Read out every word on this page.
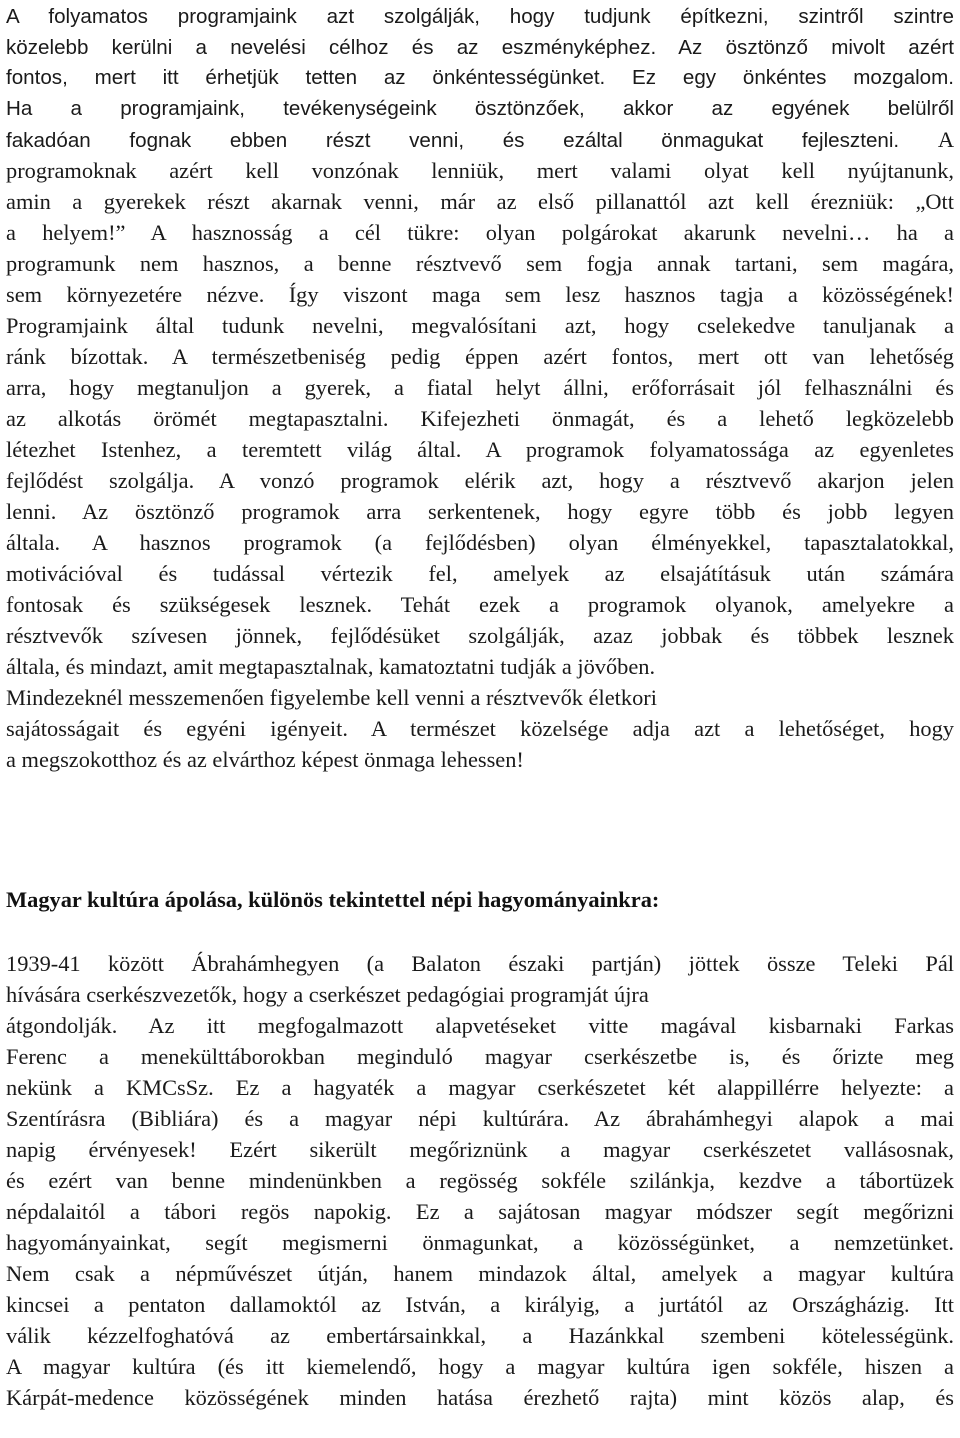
A folyamatos programjaink azt szolgálják, hogy tudjunk építkezni, szintről szintre
közelebb kerülni a nevelési célhoz és az eszményképhez. Az ösztönző mivolt azért
fontos, mert itt érhetjük tetten az önkéntességünket. Ez egy önkéntes mozgalom.
Ha a programjaink, tevékenységeink ösztönzőek, akkor az egyének belülről
fakadóan fognak ebben részt venni, és ezáltal önmagukat fejleszteni. A
programoknak azért kell vonzónak lenniük, mert valami olyat kell nyújtanunk,
amin a gyerekek részt akarnak venni, már az első pillanattól azt kell érezniük: „Ott
a helyem!” A hasznosság a cél tükre: olyan polgárokat akarunk nevelni… ha a
programunk nem hasznos, a benne résztvevő sem fogja annak tartani, sem magára,
sem környezetére nézve. Így viszont maga sem lesz hasznos tagja a közösségének!
Programjaink által tudunk nevelni, megvalósítani azt, hogy cselekedve tanuljanak a
ránk bízottak. A természetbeniség pedig éppen azért fontos, mert ott van lehetőség
arra, hogy megtanuljon a gyerek, a fiatal helyt állni, erőforrásait jól felhasználni és
az alkotás örömét megtapasztalni. Kifejezheti önmagát, és a lehető legközelebb
létezhet Istenhez, a teremtett világ által. A programok folyamatossága az egyenletes
fejlődést szolgálja. A vonzó programok elérik azt, hogy a résztvevő akarjon jelen
lenni. Az ösztönző programok arra serkentenek, hogy egyre több és jobb legyen
általa. A hasznos programok (a fejlődésben) olyan élményekkel, tapasztalatokkal,
motivációval és tudással vértezik fel, amelyek az elsajátításuk után számára
fontosak és szükségesek lesznek. Tehát ezek a programok olyanok, amelyekre a
résztvevők szívesen jönnek, fejlődésüket szolgálják, azaz jobbak és többek lesznek
általa, és mindazt, amit megtapasztalnak, kamatoztatni tudják a jövőben.
Mindezeknél messzemenően figyelembe kell venni a résztvevők életkori
sajátosságait és egyéni igényeit. A természet közelsége adja azt a lehetőséget, hogy
a megszokotthoz és az elvárthoz képest önmaga lehessen!
Magyar kultúra ápolása, különös tekintettel népi hagyományainkra:
1939-41 között Ábrahámhegyen (a Balaton északi partján) jöttek össze Teleki Pál
hívására cserkészvezetők, hogy a cserkészet pedagógiai programját újra
átgondolják. Az itt megfogalmazott alapvetéseket vitte magával kisbarnaki Farkas
Ferenc a menekülttáborokban meginduló magyar cserkészetbe is, és őrizte meg
nekünk a KMCsSz. Ez a hagyaték a magyar cserkészetet két alappillérre helyezte: a
Szentírásra (Bibliára) és a magyar népi kultúrára. Az ábrahámhegyi alapok a mai
napig érvényesek! Ezért sikerült megőriznünk a magyar cserkészetet vallásosnak,
és ezért van benne mindenünkben a regösség sokféle szilánkja, kezdve a tábortüzek
népdalaitól a tábori regös napokig. Ez a sajátosan magyar módszer segít megőrizni
hagyományainkat, segít megismerni önmagunkat, a közösségünket, a nemzetünket.
Nem csak a népművészet útján, hanem mindazok által, amelyek a magyar kultúra
kincsei a pentaton dallamoktól az István, a királyig, a jurtától az Országházig. Itt
válik kézzelfoghatóvá az embertársainkkal, a Hazánkkal szembeni kötelességünk.
A magyar kultúra (és itt kiemelendő, hogy a magyar kultúra igen sokféle, hiszen a
Kárpát-medence közösségének minden hatása érezhető rajta) mint közös alap, és
